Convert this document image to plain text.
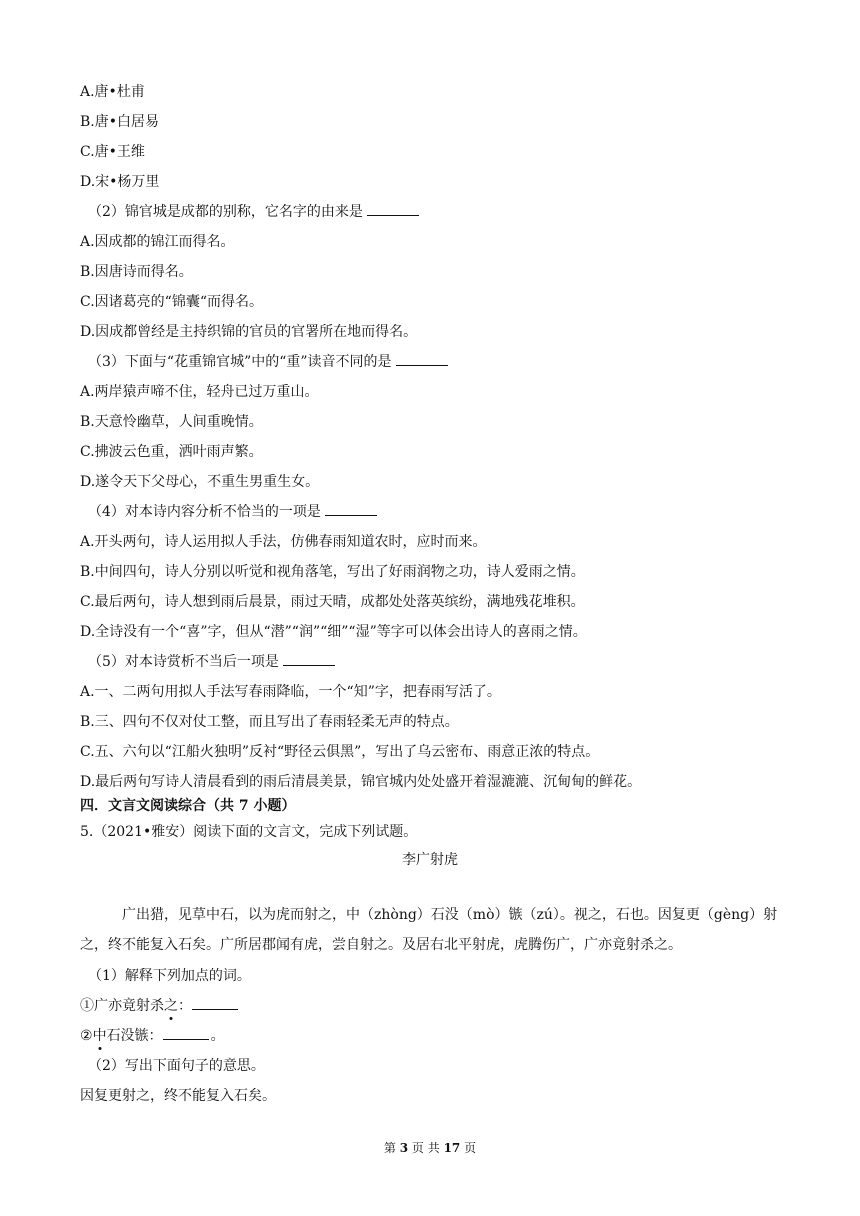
A.唐•杜甫
B.唐•白居易
C.唐•王维
D.宋•杨万里
（2）锦官城是成都的别称，它名字的由来是
A.因成都的锦江而得名。
B.因唐诗而得名。
C.因诸葛亮的“锦囊“而得名。
D.因成都曾经是主持织锦的官员的官署所在地而得名。
（3）下面与“花重锦官城”中的“重”读音不同的是
A.两岸猿声啼不住，轻舟已过万重山。
B.天意怜幽草，人间重晚情。
C.拂波云色重，洒叶雨声繁。
D.遂令天下父母心，不重生男重生女。
（4）对本诗内容分析不恰当的一项是
A.开头两句，诗人运用拟人手法，仿佛春雨知道农时，应时而来。
B.中间四句，诗人分别以听觉和视角落笔，写出了好雨润物之功，诗人爱雨之情。
C.最后两句，诗人想到雨后晨景，雨过天晴，成都处处落英缤纷，满地残花堆积。
D.全诗没有一个“喜”字，但从“潜”“润”“细”“湿”等字可以体会出诗人的喜雨之情。
（5）对本诗赏析不当后一项是
A.一、二两句用拟人手法写春雨降临，一个“知”字，把春雨写活了。
B.三、四句不仅对仗工整，而且写出了春雨轻柔无声的特点。
C.五、六句以“江船火独明”反衬“野径云俱黑”，写出了乌云密布、雨意正浓的特点。
D.最后两句写诗人清晨看到的雨后清晨美景，锦官城内处处盛开着湿漉漉、沉甸甸的鲜花。
四．文言文阅读综合（共 7 小题）
5.（2021•雅安）阅读下面的文言文，完成下列试题。
李广射虎
广出猎，见草中石，以为虎而射之，中（zhòng）石没（mò）镞（zú）。视之，石也。因复更（gèng）射之，终不能复入石矣。广所居郡闻有虎，尝自射之。及居右北平射虎，虎腾伤广，广亦竟射杀之。
（1）解释下列加点的词。
①广亦竟射杀之：
②中石没镞：	。
（2）写出下面句子的意思。
因复更射之，终不能复入石矣。
第 3 页 共 17 页
